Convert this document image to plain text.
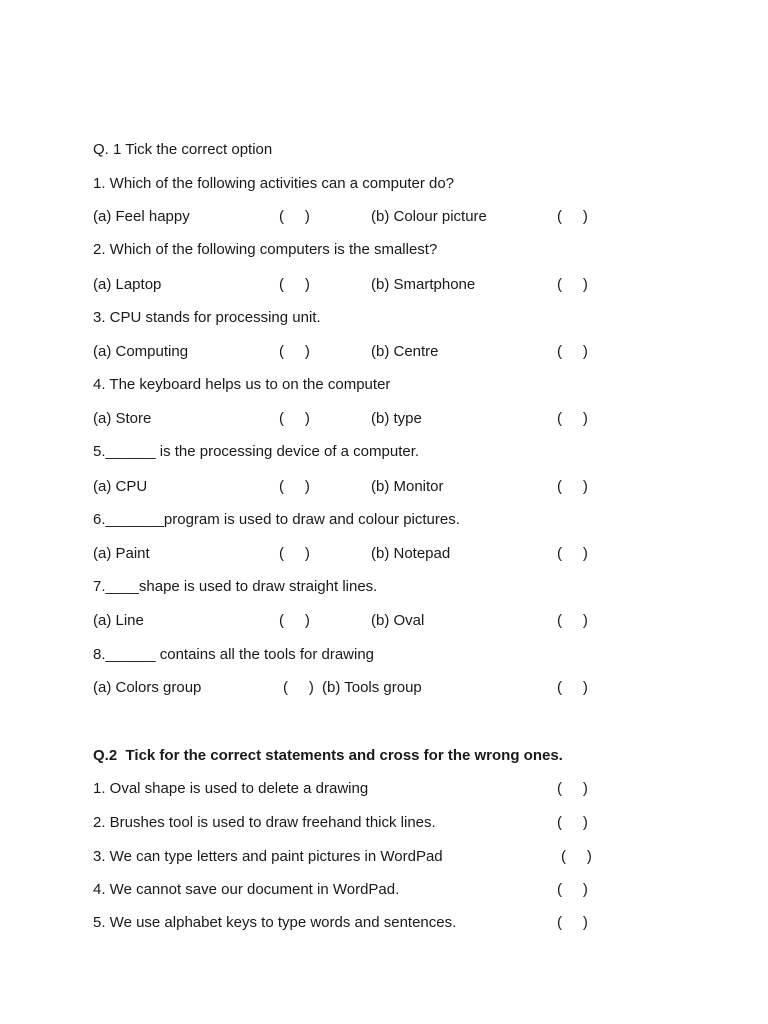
Q. 1 Tick the correct option
1. Which of the following activities can a computer do?
(a) Feel happy	(     )	(b) Colour picture	(     )
2. Which of the following computers is the smallest?
(a) Laptop	(     )	(b) Smartphone	(     )
3. CPU stands for processing unit.
(a) Computing	(     )	(b) Centre	(     )
4. The keyboard helps us to on the computer
(a) Store	(     )	(b) type	(     )
5.______ is the processing device of a computer.
(a) CPU	(     )	(b) Monitor	(     )
6._______program is used to draw and colour pictures.
(a) Paint	(     )	(b) Notepad	(     )
7.____shape is used to draw straight lines.
(a) Line	(     )	(b) Oval	(     )
8.______ contains all the tools for drawing
(a) Colors group	(     ) (b) Tools group	(     )
Q.2  Tick for the correct statements and cross for the wrong ones.
1. Oval shape is used to delete a drawing	(     )
2. Brushes tool is used to draw freehand thick lines.	(     )
3. We can type letters and paint pictures in WordPad	(     )
4. We cannot save our document in WordPad.	(     )
5. We use alphabet keys to type words and sentences.	(     )
